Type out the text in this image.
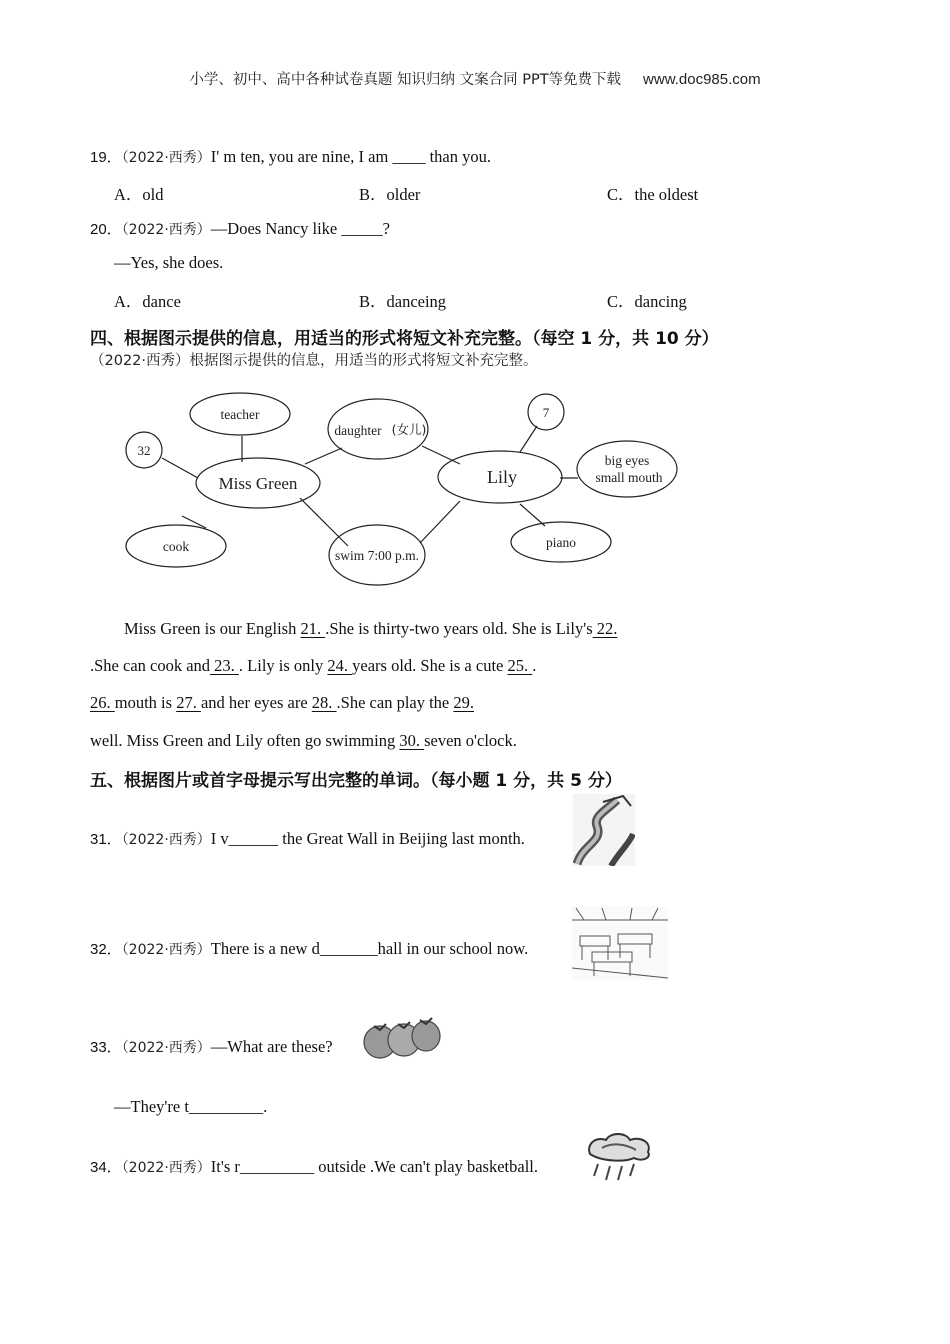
小学、初中、高中各种试卷真题 知识归纳 文案合同 PPT等免费下载 www.doc985.com
19．（2022·西秀）I' m ten, you are nine, I am ____ than you.
A．old	B．older	C．the oldest
20．（2022·西秀）—Does Nancy like _____?
—Yes, she does.
A．dance	B．danceing	C．dancing
四、根据图示提供的信息，用适当的形式将短文补充完整。（每空 1 分，共 10 分）
（2022·西秀）根据图示提供的信息，用适当的形式将短文补充完整。
Miss Green
teacher
32
cook
daughter (女儿)
swim 7:00 p.m.
Lily
7
big eyes
small mouth
piano
Miss Green is our English 21. .She is thirty-two years old. She is Lily's 22.
.She can cook and 23. . Lily is only 24. years old. She is a cute 25. .
26. mouth is 27. and her eyes are 28. .She can play the 29.
well. Miss Green and Lily often go swimming 30. seven o'clock.
五、根据图片或首字母提示写出完整的单词。（每小题 1 分，共 5 分）
31．（2022·西秀）I v______ the Great Wall in Beijing last month.
32．（2022·西秀）There is a new d_______hall in our school now.
33．（2022·西秀）—What are these?
—They're t_________.
34．（2022·西秀）It's r_________ outside .We can't play basketball.
